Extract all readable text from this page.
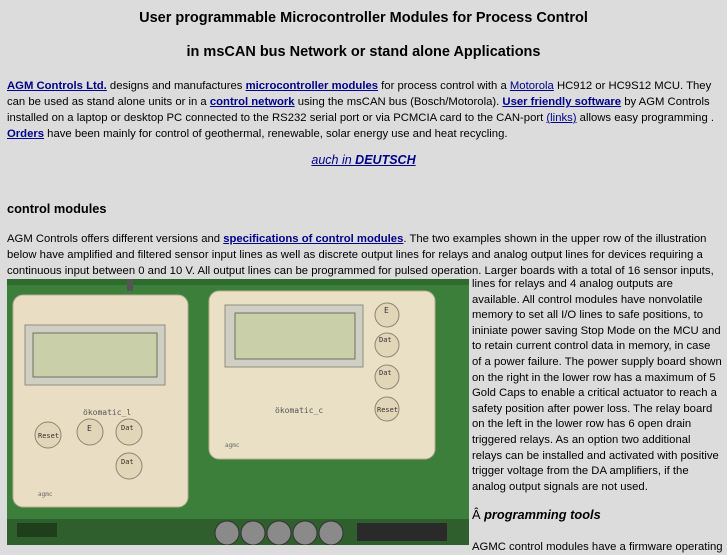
User programmable Microcontroller Modules for Process Control
in msCAN bus Network or stand alone Applications
AGM Controls Ltd. designs and manufactures microcontroller modules for process control with a Motorola HC912 or HC9S12 MCU. They can be used as stand alone units or in a control network using the msCAN bus (Bosch/Motorola). User friendly software by AGM Controls installed on a laptop or desktop PC connected to the RS232 serial port or via PCMCIA card to the CAN-port (links) allows easy programming . Orders have been mainly for control of geothermal, renewable, solar energy use and heat recycling.
auch in DEUTSCH
control modules
AGM Controls offers different versions and specifications of control modules. The two examples shown in the upper row of the illustration below have amplified and filtered sensor input lines as well as discrete output lines for relays and analog output lines for devices requiring a continuous input between 0 and 10 V. All output lines can be programmed for pulsed operation. Larger boards with a total of 16 sensor inputs,
ökomatic_l
Reset
E	Dat
Dat
agmc
ökomatic_c
E
Dat
Dat
Reset
agmc
lines for relays and 4 analog outputs are available. All control modules have nonvolatile memory to set all I/O lines to safe positions, to ininiate power saving Stop Mode on the MCU and to retain current control data in memory, in case of a power failure. The power supply board shown on the right in the lower row has a maximum of 5 Gold Caps to enable a critical actuator to reach a safety position after power loss. The relay board on the left in the lower row has 6 open drain triggered relays. As an option two additional relays can be installed and activated with positive trigger voltage from the DA amplifiers, if the analog output signals are not used.
Â programming tools
AGMC control modules have a firmware operating
